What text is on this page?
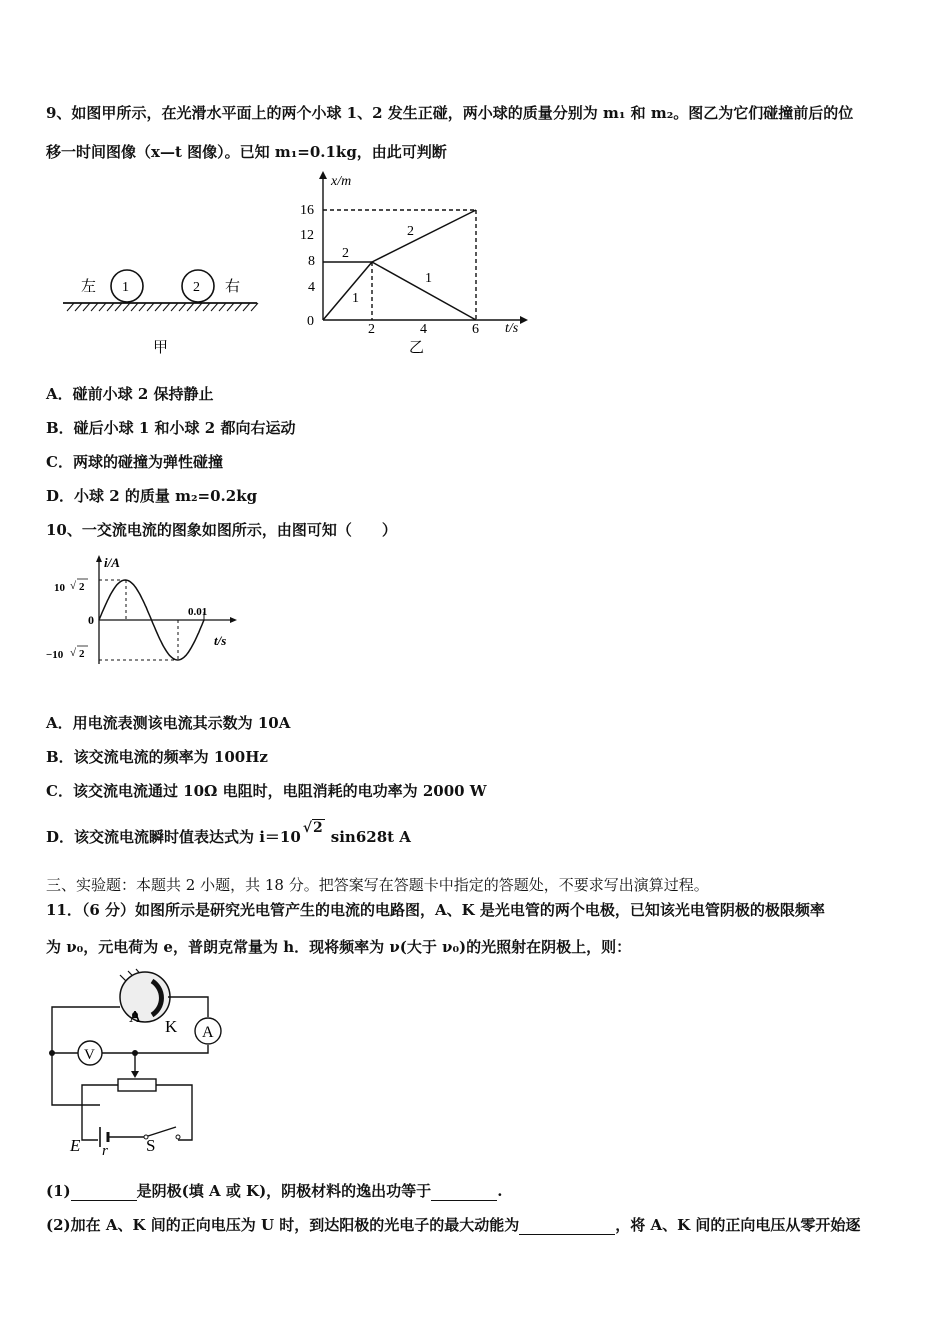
9、如图甲所示，在光滑水平面上的两个小球 1、2 发生正碰，两小球的质量分别为 m₁ 和 m₂。图乙为它们碰撞前后的位
移一时间图像（x—t 图像）。已知 m₁=0.1kg，由此可判断
左 1	2 右
甲
x/m
t/s
0
4
8
12
16
2	4	6
2
1
2
1
乙
A．碰前小球 2 保持静止
B．碰后小球 1 和小球 2 都向右运动
C．两球的碰撞为弹性碰撞
D．小球 2 的质量 m₂=0.2kg
10、一交流电流的图象如图所示，由图可知（　　）
i/A
t/s
0.01
0
10 √ 2
−10 √ 2
A．用电流表测该电流其示数为 10A
B．该交流电流的频率为 100Hz
C．该交流电流通过 10Ω 电阻时，电阻消耗的电功率为 2000 W
D．该交流电流瞬时值表达式为 i＝10 √2 sin628t A
三、实验题：本题共 2 小题，共 18 分。把答案写在答题卡中指定的答题处，不要求写出演算过程。
11．（6 分）如图所示是研究光电管产生的电流的电路图，A、K 是光电管的两个电极，已知该光电管阴极的极限频率
为 ν₀，元电荷为 e，普朗克常量为 h．现将频率为 ν(大于 ν₀)的光照射在阴极上，则：
A
K A
V
E r S
(1)	是阴极(填 A 或 K)，阴极材料的逸出功等于	.
(2)加在 A、K 间的正向电压为 U 时，到达阳极的光电子的最大动能为	，将 A、K 间的正向电压从零开始逐
